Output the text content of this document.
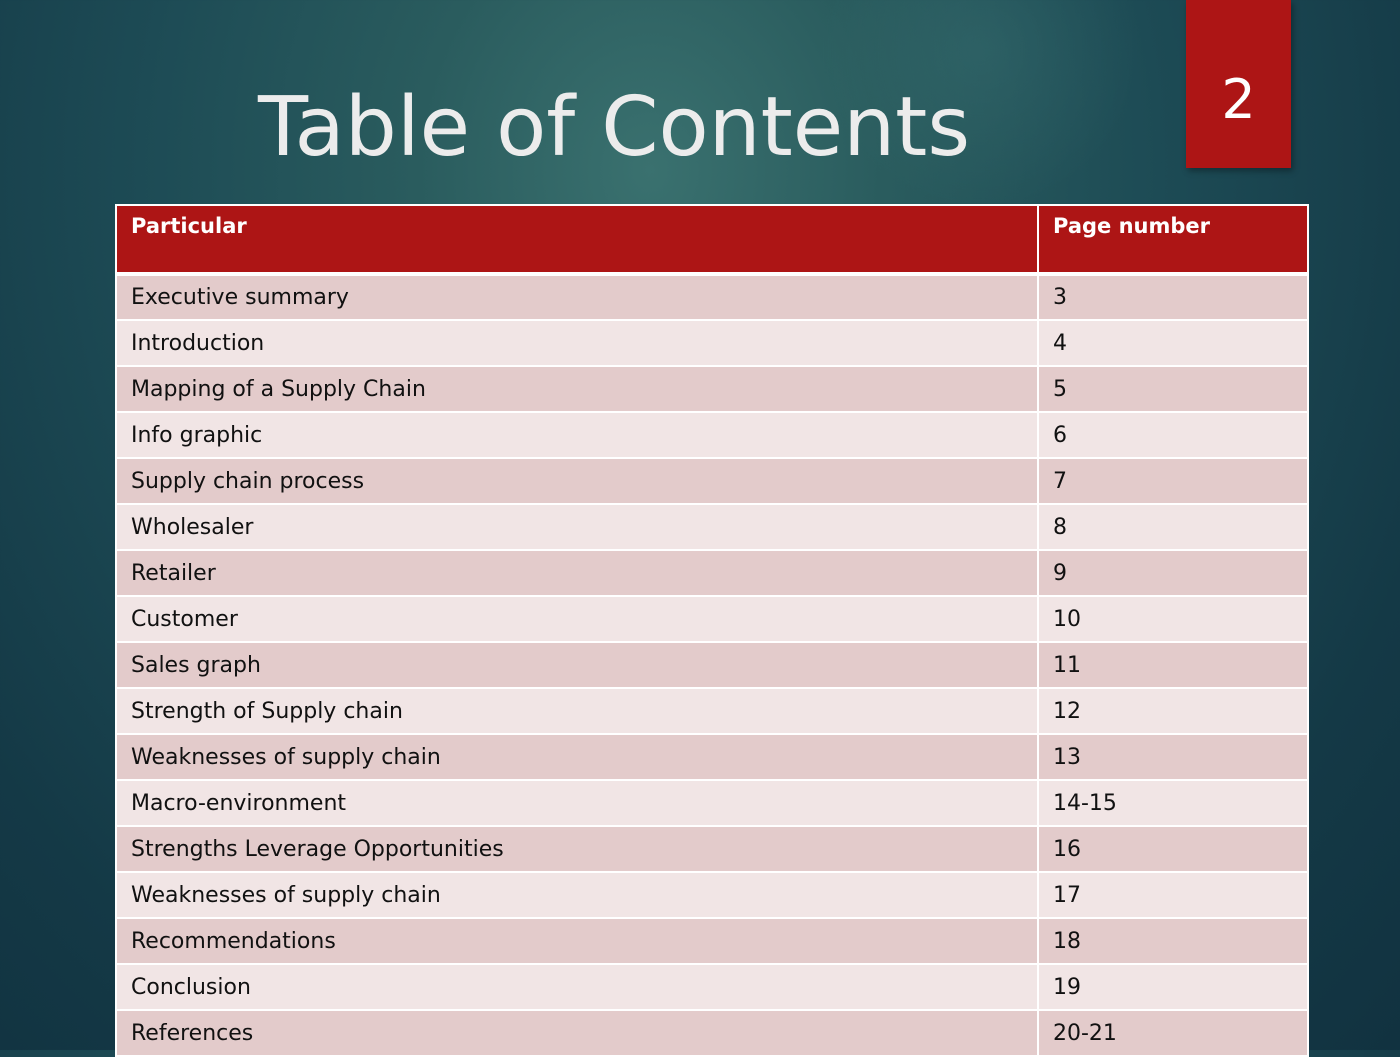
Table of Contents	2
Particular	Page number
Executive summary	3
Introduction	4
Mapping of a Supply Chain	5
Info graphic	6
Supply chain process	7
Wholesaler	8
Retailer	9
Customer	10
Sales graph	11
Strength of Supply chain	12
Weaknesses of supply chain	13
Macro-environment	14-15
Strengths Leverage Opportunities	16
Weaknesses of supply chain	17
Recommendations	18
Conclusion	19
References	20-21
